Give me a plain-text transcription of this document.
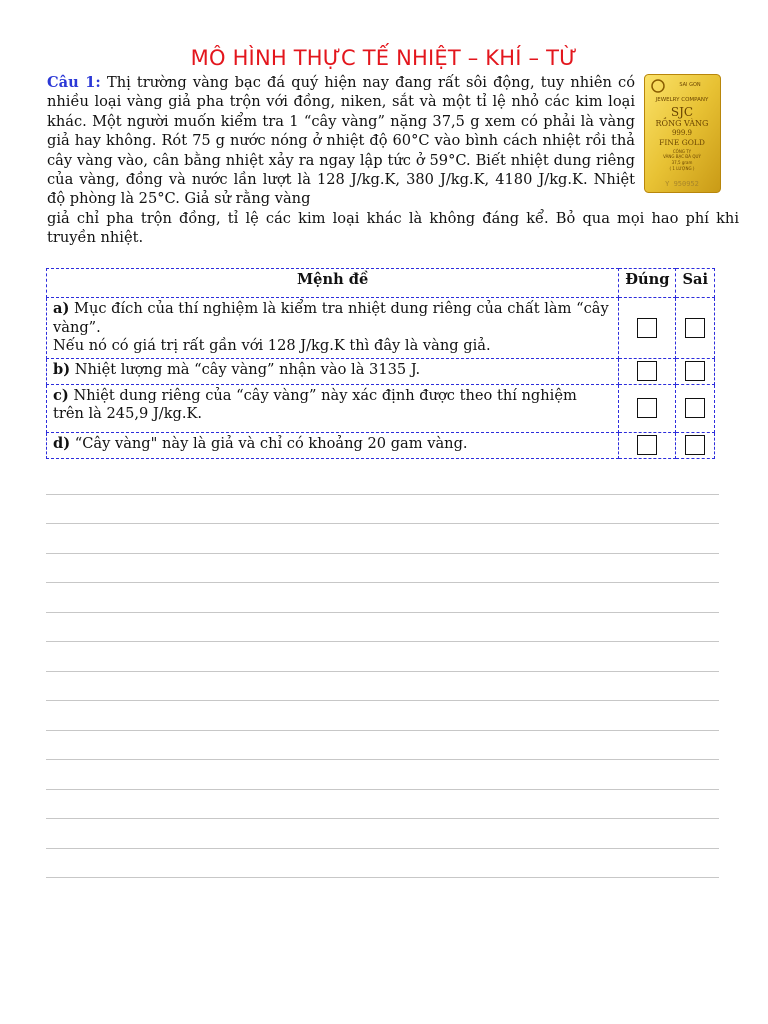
MÔ HÌNH THỰC TẾ NHIỆT – KHÍ – TỪ
Câu 1: Thị trường vàng bạc đá quý hiện nay đang rất sôi động, tuy nhiên có nhiều loại vàng giả pha trộn với đồng, niken, sắt và một tỉ lệ nhỏ các kim loại khác. Một người muốn kiểm tra 1 “cây vàng” nặng 37,5 g xem có phải là vàng giả hay không. Rót 75 g nước nóng ở nhiệt độ 60°C vào bình cách nhiệt rồi thả cây vàng vào, cân bằng nhiệt xảy ra ngay lập tức ở 59°C. Biết nhiệt dung riêng của vàng, đồng và nước lần lượt là 128 J/kg.K, 380 J/kg.K, 4180 J/kg.K. Nhiệt độ phòng là 25°C. Giả sử rằng vàng
giả chỉ pha trộn đồng, tỉ lệ các kim loại khác là không đáng kể. Bỏ qua mọi hao phí khi truyền nhiệt.
SAI GON
JEWELRY COMPANY
SJC
RỒNG VÀNG
999.9
FINE GOLD
CÔNG TY
VÀNG BẠC ĐÁ QUÝ
37,5 gram
( 1 LƯỢNG )
Y 950952
Mệnh đề	Đúng	Sai
a) Mục đích của thí nghiệm là kiểm tra nhiệt dung riêng của chất làm “cây vàng”.
Nếu nó có giá trị rất gần với 128 J/kg.K thì đây là vàng giả.		
b) Nhiệt lượng mà “cây vàng” nhận vào là 3135 J.		
c) Nhiệt dung riêng của “cây vàng” này xác định được theo thí nghiệm trên là 245,9 J/kg.K.		
d) “Cây vàng" này là giả và chỉ có khoảng 20 gam vàng.		
